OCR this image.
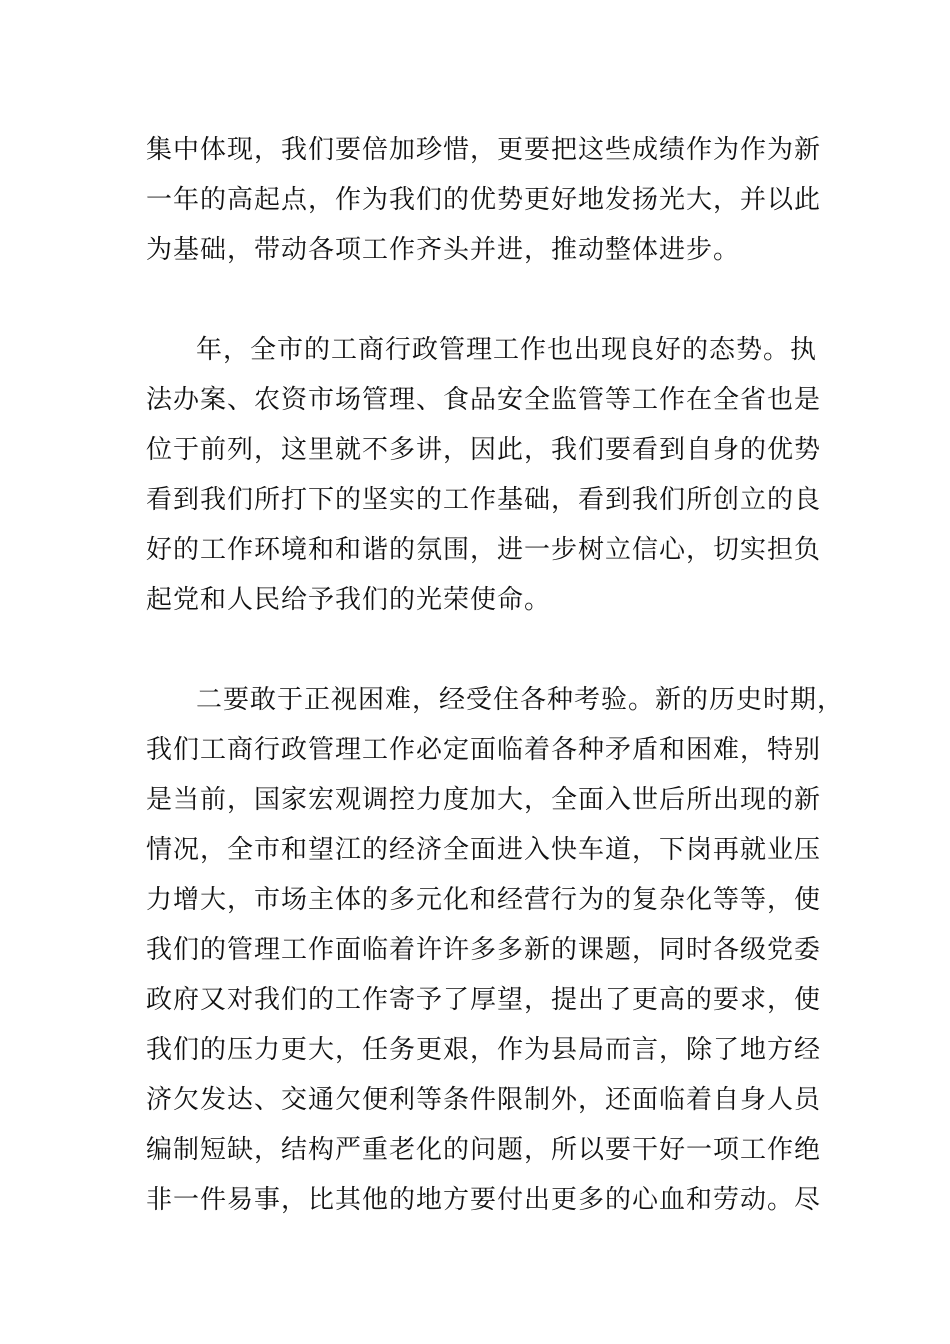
集中体现，我们要倍加珍惜，更要把这些成绩作为作为新
一年的高起点，作为我们的优势更好地发扬光大，并以此
为基础，带动各项工作齐头并进，推动整体进步。
年，全市的工商行政管理工作也出现良好的态势。执
法办案、农资市场管理、食品安全监管等工作在全省也是
位于前列，这里就不多讲，因此，我们要看到自身的优势
看到我们所打下的坚实的工作基础，看到我们所创立的良
好的工作环境和和谐的氛围，进一步树立信心，切实担负
起党和人民给予我们的光荣使命。
二要敢于正视困难，经受住各种考验。新的历史时期，
我们工商行政管理工作必定面临着各种矛盾和困难，特别
是当前，国家宏观调控力度加大，全面入世后所出现的新
情况，全市和望江的经济全面进入快车道，下岗再就业压
力增大，市场主体的多元化和经营行为的复杂化等等，使
我们的管理工作面临着许许多多新的课题，同时各级党委
政府又对我们的工作寄予了厚望，提出了更高的要求，使
我们的压力更大，任务更艰，作为县局而言，除了地方经
济欠发达、交通欠便利等条件限制外，还面临着自身人员
编制短缺，结构严重老化的问题，所以要干好一项工作绝
非一件易事，比其他的地方要付出更多的心血和劳动。尽
